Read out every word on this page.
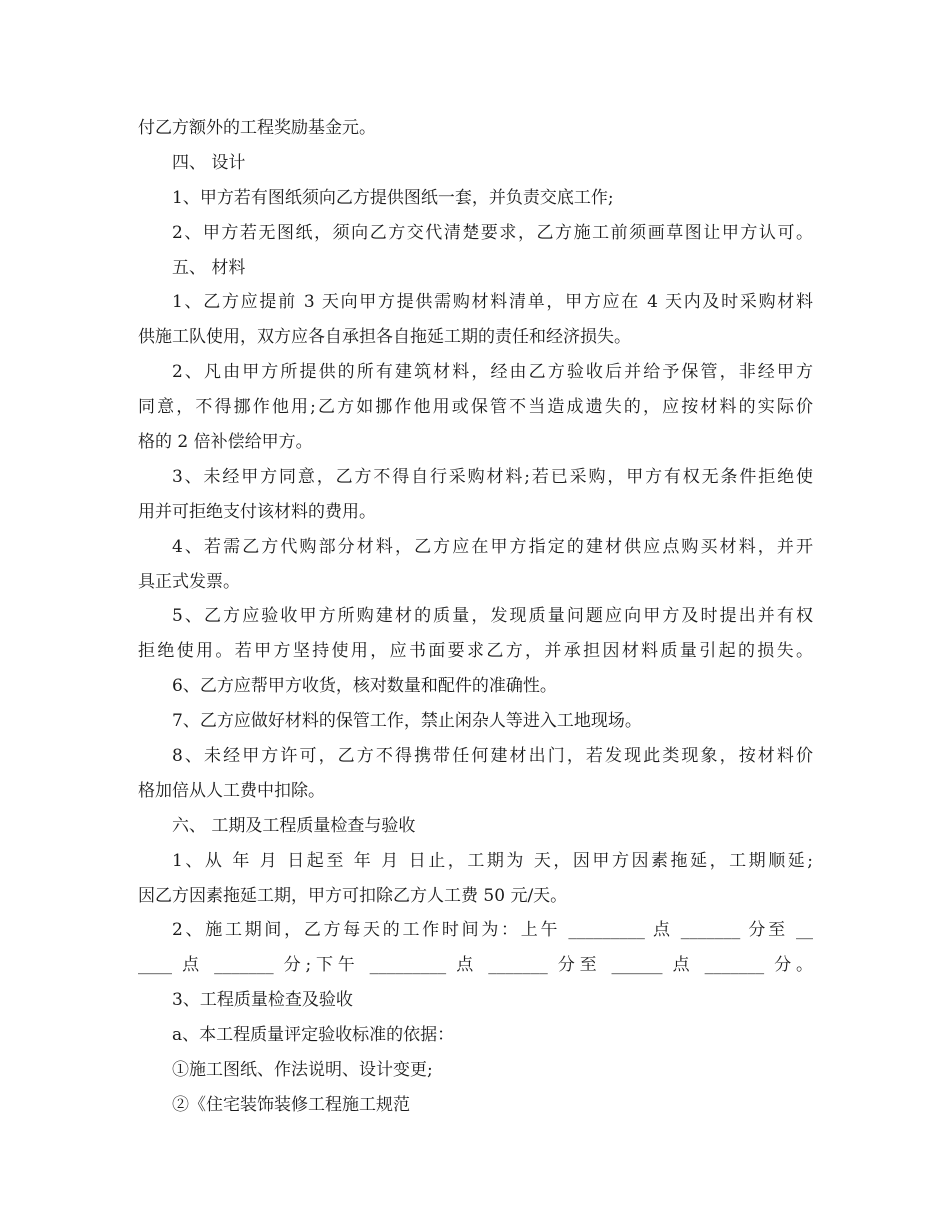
付乙方额外的工程奖励基金元。
四、 设计
1、甲方若有图纸须向乙方提供图纸一套，并负责交底工作;
2、甲方若无图纸，须向乙方交代清楚要求，乙方施工前须画草图让甲方认可。
五、 材料
1、乙方应提前 3 天向甲方提供需购材料清单，甲方应在 4 天内及时采购材料
供施工队使用，双方应各自承担各自拖延工期的责任和经济损失。
2、凡由甲方所提供的所有建筑材料，经由乙方验收后并给予保管，非经甲方
同意，不得挪作他用;乙方如挪作他用或保管不当造成遗失的，应按材料的实际价
格的 2 倍补偿给甲方。
3、未经甲方同意，乙方不得自行采购材料;若已采购，甲方有权无条件拒绝使
用并可拒绝支付该材料的费用。
4、若需乙方代购部分材料，乙方应在甲方指定的建材供应点购买材料，并开
具正式发票。
5、乙方应验收甲方所购建材的质量，发现质量问题应向甲方及时提出并有权
拒绝使用。若甲方坚持使用，应书面要求乙方，并承担因材料质量引起的损失。
6、乙方应帮甲方收货，核对数量和配件的准确性。
7、乙方应做好材料的保管工作，禁止闲杂人等进入工地现场。
8、未经甲方许可，乙方不得携带任何建材出门，若发现此类现象，按材料价
格加倍从人工费中扣除。
六、 工期及工程质量检查与验收
1、从 年 月 日起至 年 月 日止，工期为 天，因甲方因素拖延，工期顺延;
因乙方因素拖延工期，甲方可扣除乙方人工费 50 元/天。
2、施工期间，乙方每天的工作时间为：上午 _________ 点 _______ 分至 __
____ 点 _______ 分;下午 _________ 点 _______ 分至 ______ 点 _______ 分。
3、工程质量检查及验收
a、本工程质量评定验收标准的依据：
①施工图纸、作法说明、设计变更;
②《住宅装饰装修工程施工规范
